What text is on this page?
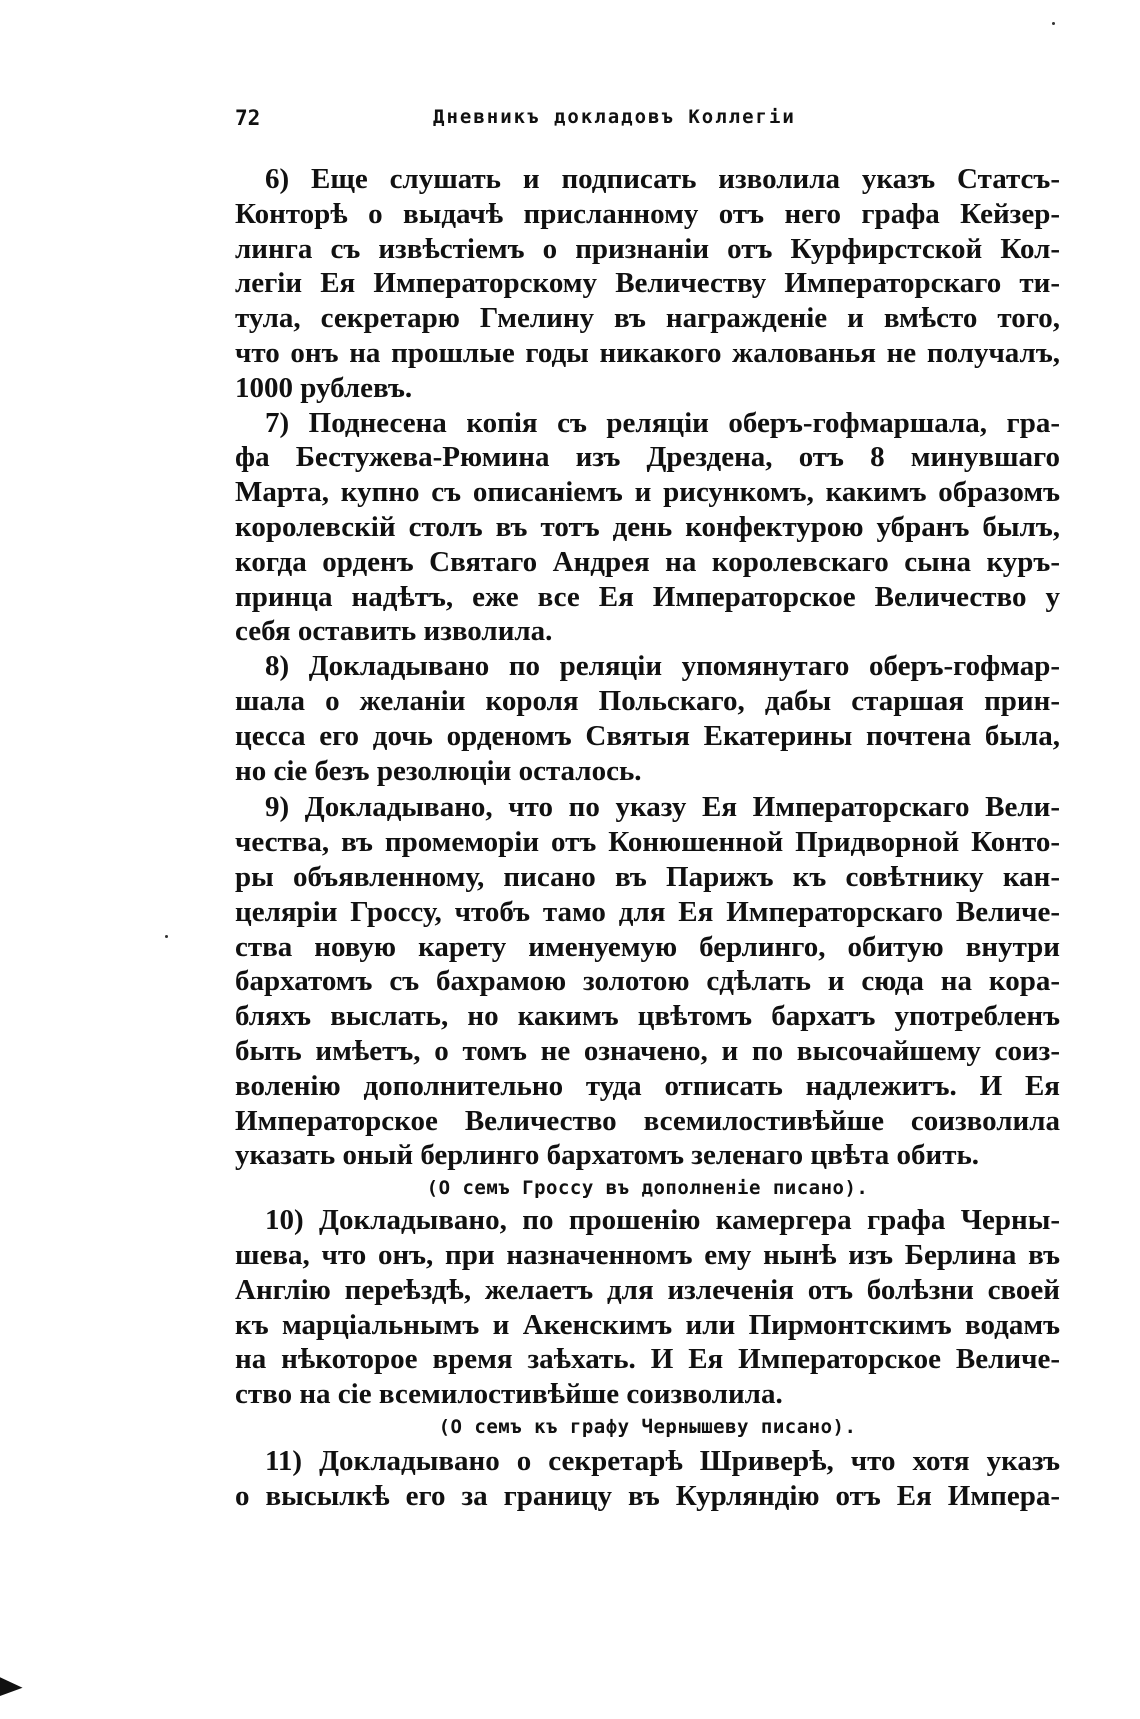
72	Дневникъ докладовъ Коллегіи
6) Еще слушать и подписать изволила указъ Статсъ-
Конторѣ о выдачѣ присланному отъ него графа Кейзер-
линга съ извѣстіемъ о признаніи отъ Курфирстской Кол-
легіи Ея Императорскому Величеству Императорскаго ти-
тула, секретарю Гмелину въ награжденіе и вмѣсто того,
что онъ на прошлые годы никакого жалованья не получалъ,
1000 рублевъ.
7) Поднесена копія съ реляціи оберъ-гофмаршала, гра-
фа Бестужева-Рюмина изъ Дрездена, отъ 8 минувшаго
Марта, купно съ описаніемъ и рисункомъ, какимъ образомъ
королевскій столъ въ тотъ день конфектурою убранъ былъ,
когда орденъ Святаго Андрея на королевскаго сына куръ-
принца надѣтъ, еже все Ея Императорское Величество у
себя оставить изволила.
8) Докладывано по реляціи упомянутаго оберъ-гофмар-
шала о желаніи короля Польскаго, дабы старшая прин-
цесса его дочь орденомъ Святыя Екатерины почтена была,
но сіе безъ резолюціи осталось.
9) Докладывано, что по указу Ея Императорскаго Вели-
чества, въ промеморіи отъ Конюшенной Придворной Конто-
ры объявленному, писано въ Парижъ къ совѣтнику кан-
целяріи Гроссу, чтобъ тамо для Ея Императорскаго Величе-
ства новую карету именуемую берлинго, обитую внутри
бархатомъ съ бахрамою золотою сдѣлать и сюда на кора-
бляхъ выслать, но какимъ цвѣтомъ бархатъ употребленъ
быть имѣетъ, о томъ не означено, и по высочайшему соиз-
воленію дополнительно туда отписать надлежитъ. И Ея
Императорское Величество всемилостивѣйше соизволила
указать оный берлинго бархатомъ зеленаго цвѣта обить.
(О семъ Гроссу въ дополненіе писано).
10) Докладывано, по прошенію камергера графа Черны-
шева, что онъ, при назначенномъ ему нынѣ изъ Берлина въ
Англію переѣздѣ, желаетъ для излеченія отъ болѣзни своей
къ марціальнымъ и Акенскимъ или Пирмонтскимъ водамъ
на нѣкоторое время заѣхать. И Ея Императорское Величе-
ство на сіе всемилостивѣйше соизволила.
(О семъ къ графу Чернышеву писано).
11) Докладывано о секретарѣ Шриверѣ, что хотя указъ
о высылкѣ его за границу въ Курляндію отъ Ея Импера-
